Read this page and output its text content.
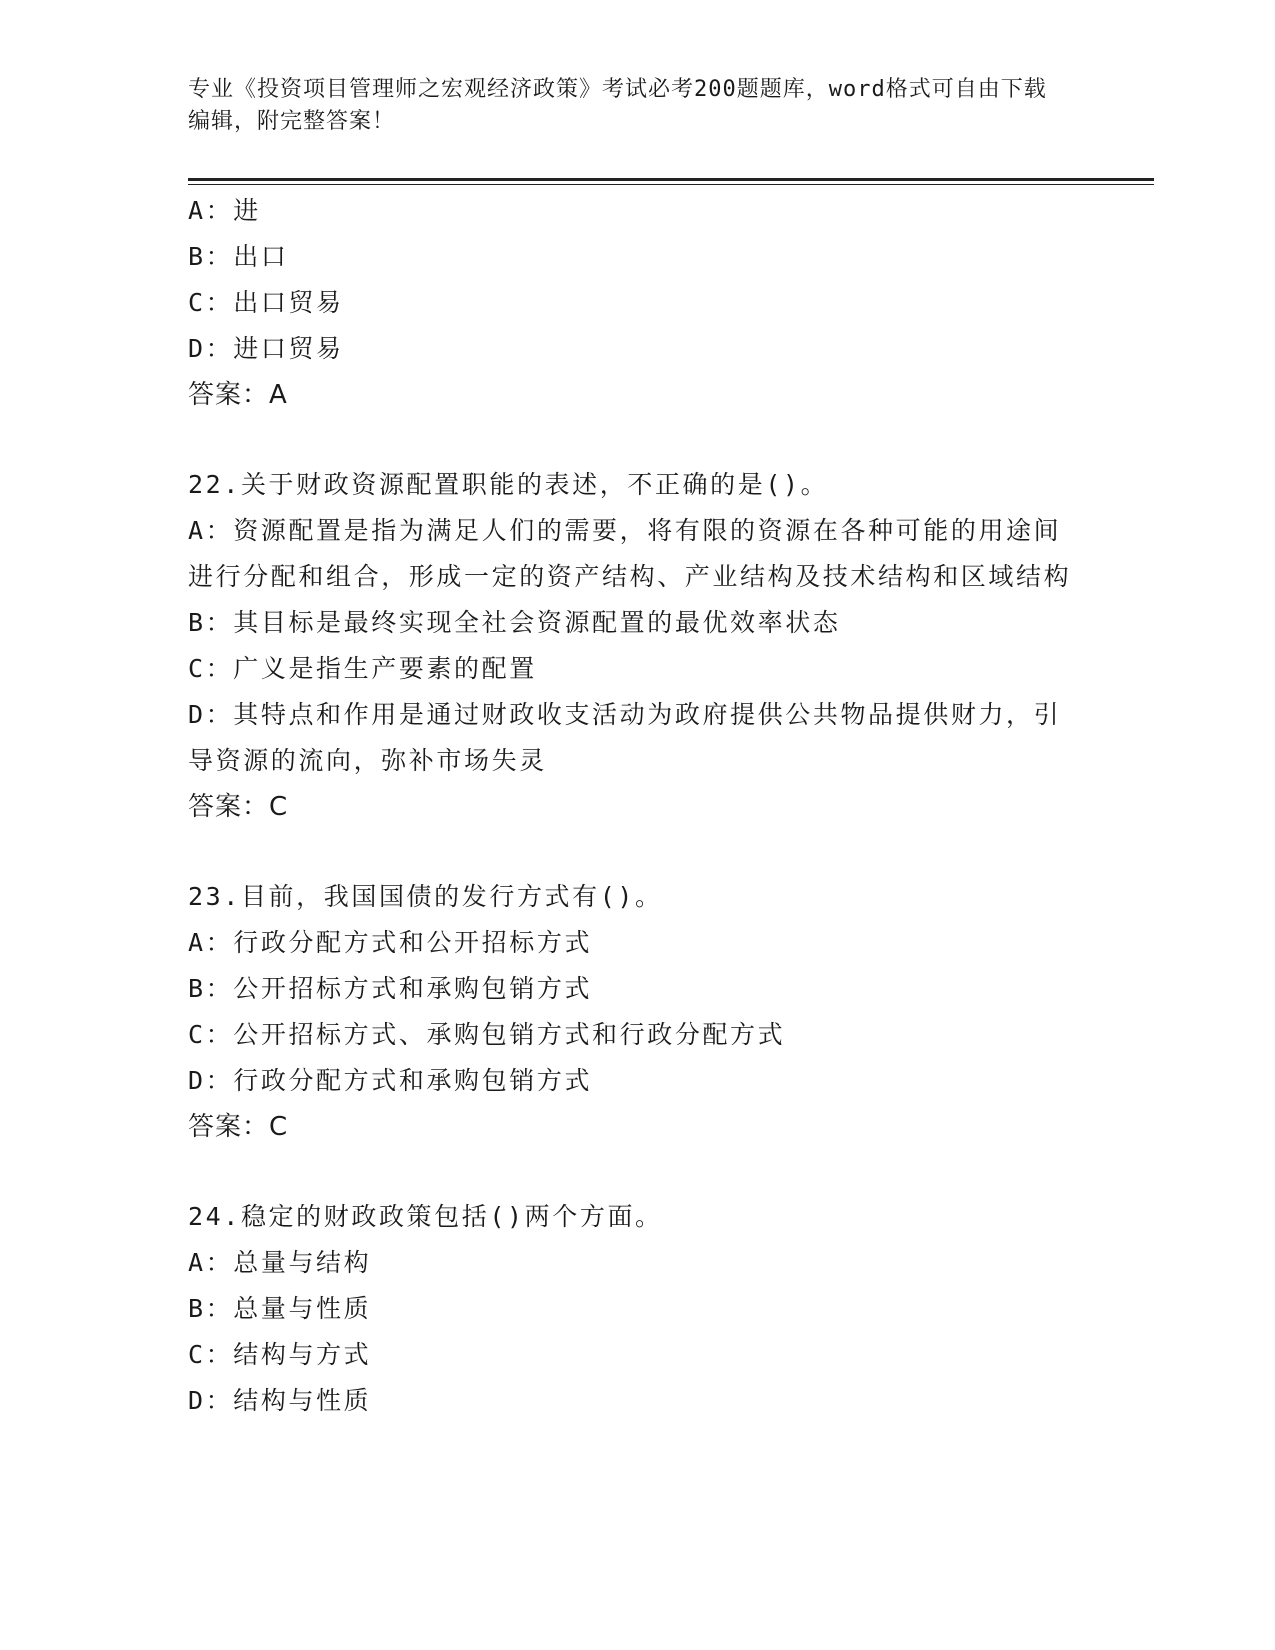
专业《投资项目管理师之宏观经济政策》考试必考200题题库，word格式可自由下载编辑，附完整答案！
A：进
B：出口
C：出口贸易
D：进口贸易
答案：A
22.关于财政资源配置职能的表述，不正确的是()。
A：资源配置是指为满足人们的需要，将有限的资源在各种可能的用途间进行分配和组合，形成一定的资产结构、产业结构及技术结构和区域结构
B：其目标是最终实现全社会资源配置的最优效率状态
C：广义是指生产要素的配置
D：其特点和作用是通过财政收支活动为政府提供公共物品提供财力，引导资源的流向，弥补市场失灵
答案：C
23.目前，我国国债的发行方式有()。
A：行政分配方式和公开招标方式
B：公开招标方式和承购包销方式
C：公开招标方式、承购包销方式和行政分配方式
D：行政分配方式和承购包销方式
答案：C
24.稳定的财政政策包括()两个方面。
A：总量与结构
B：总量与性质
C：结构与方式
D：结构与性质
